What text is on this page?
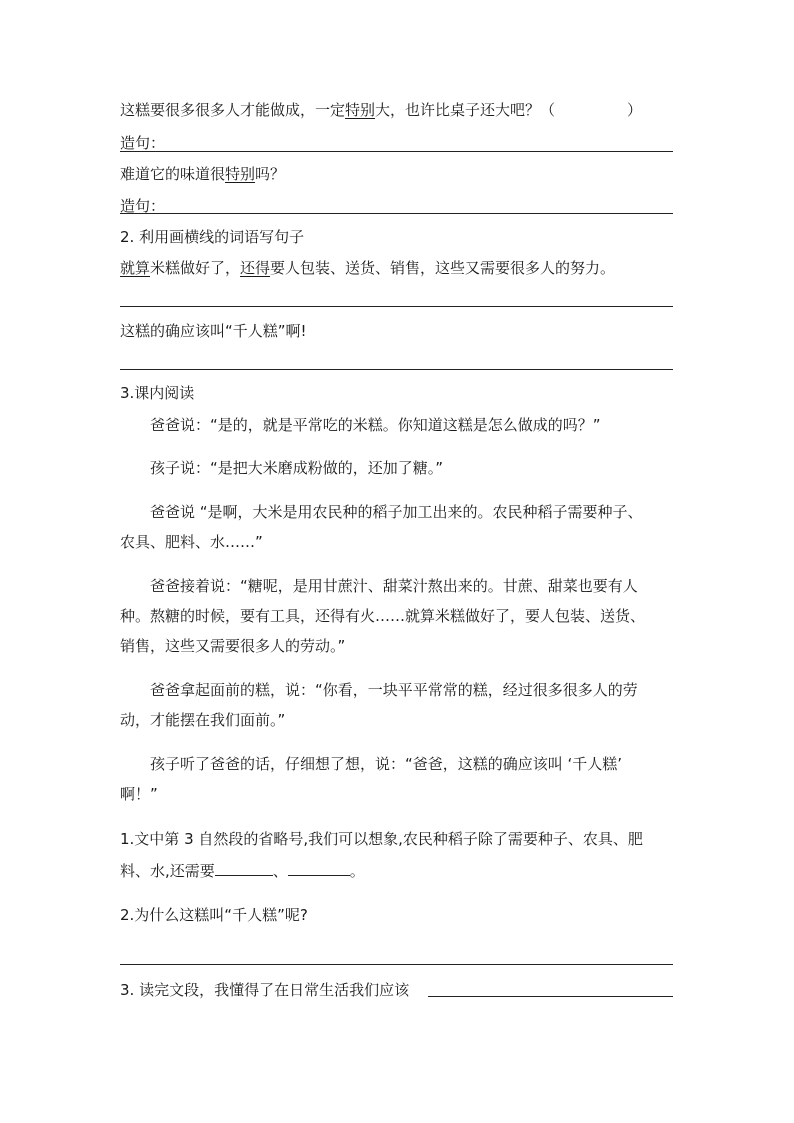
这糕要很多很多人才能做成，一定特别大，也许比桌子还大吧？（	）
造句：
难道它的味道很特别吗？
造句：
2. 利用画横线的词语写句子
就算米糕做好了，还得要人包装、送货、销售，这些又需要很多人的努力。
这糕的确应该叫“千人糕”啊!
3.课内阅读
爸爸说：“是的，就是平常吃的米糕。你知道这糕是怎么做成的吗？”
孩子说：“是把大米磨成粉做的，还加了糖。”
爸爸说 “是啊，大米是用农民种的稻子加工出来的。农民种稻子需要种子、
农具、肥料、水……”
爸爸接着说：“糖呢，是用甘蔗汁、甜菜汁熬出来的。甘蔗、甜菜也要有人
种。熬糖的时候，要有工具，还得有火……就算米糕做好了，要人包装、送货、
销售，这些又需要很多人的劳动。”
爸爸拿起面前的糕，说：“你看，一块平平常常的糕，经过很多很多人的劳
动，才能摆在我们面前。”
孩子听了爸爸的话，仔细想了想，说：“爸爸，这糕的确应该叫 ‘千人糕’
啊！”
1.文中第 3 自然段的省略号,我们可以想象,农民种稻子除了需要种子、农具、肥
料、水,还需要	、	。
2.为什么这糕叫“千人糕”呢?
3. 读完文段，我懂得了在日常生活我们应该
